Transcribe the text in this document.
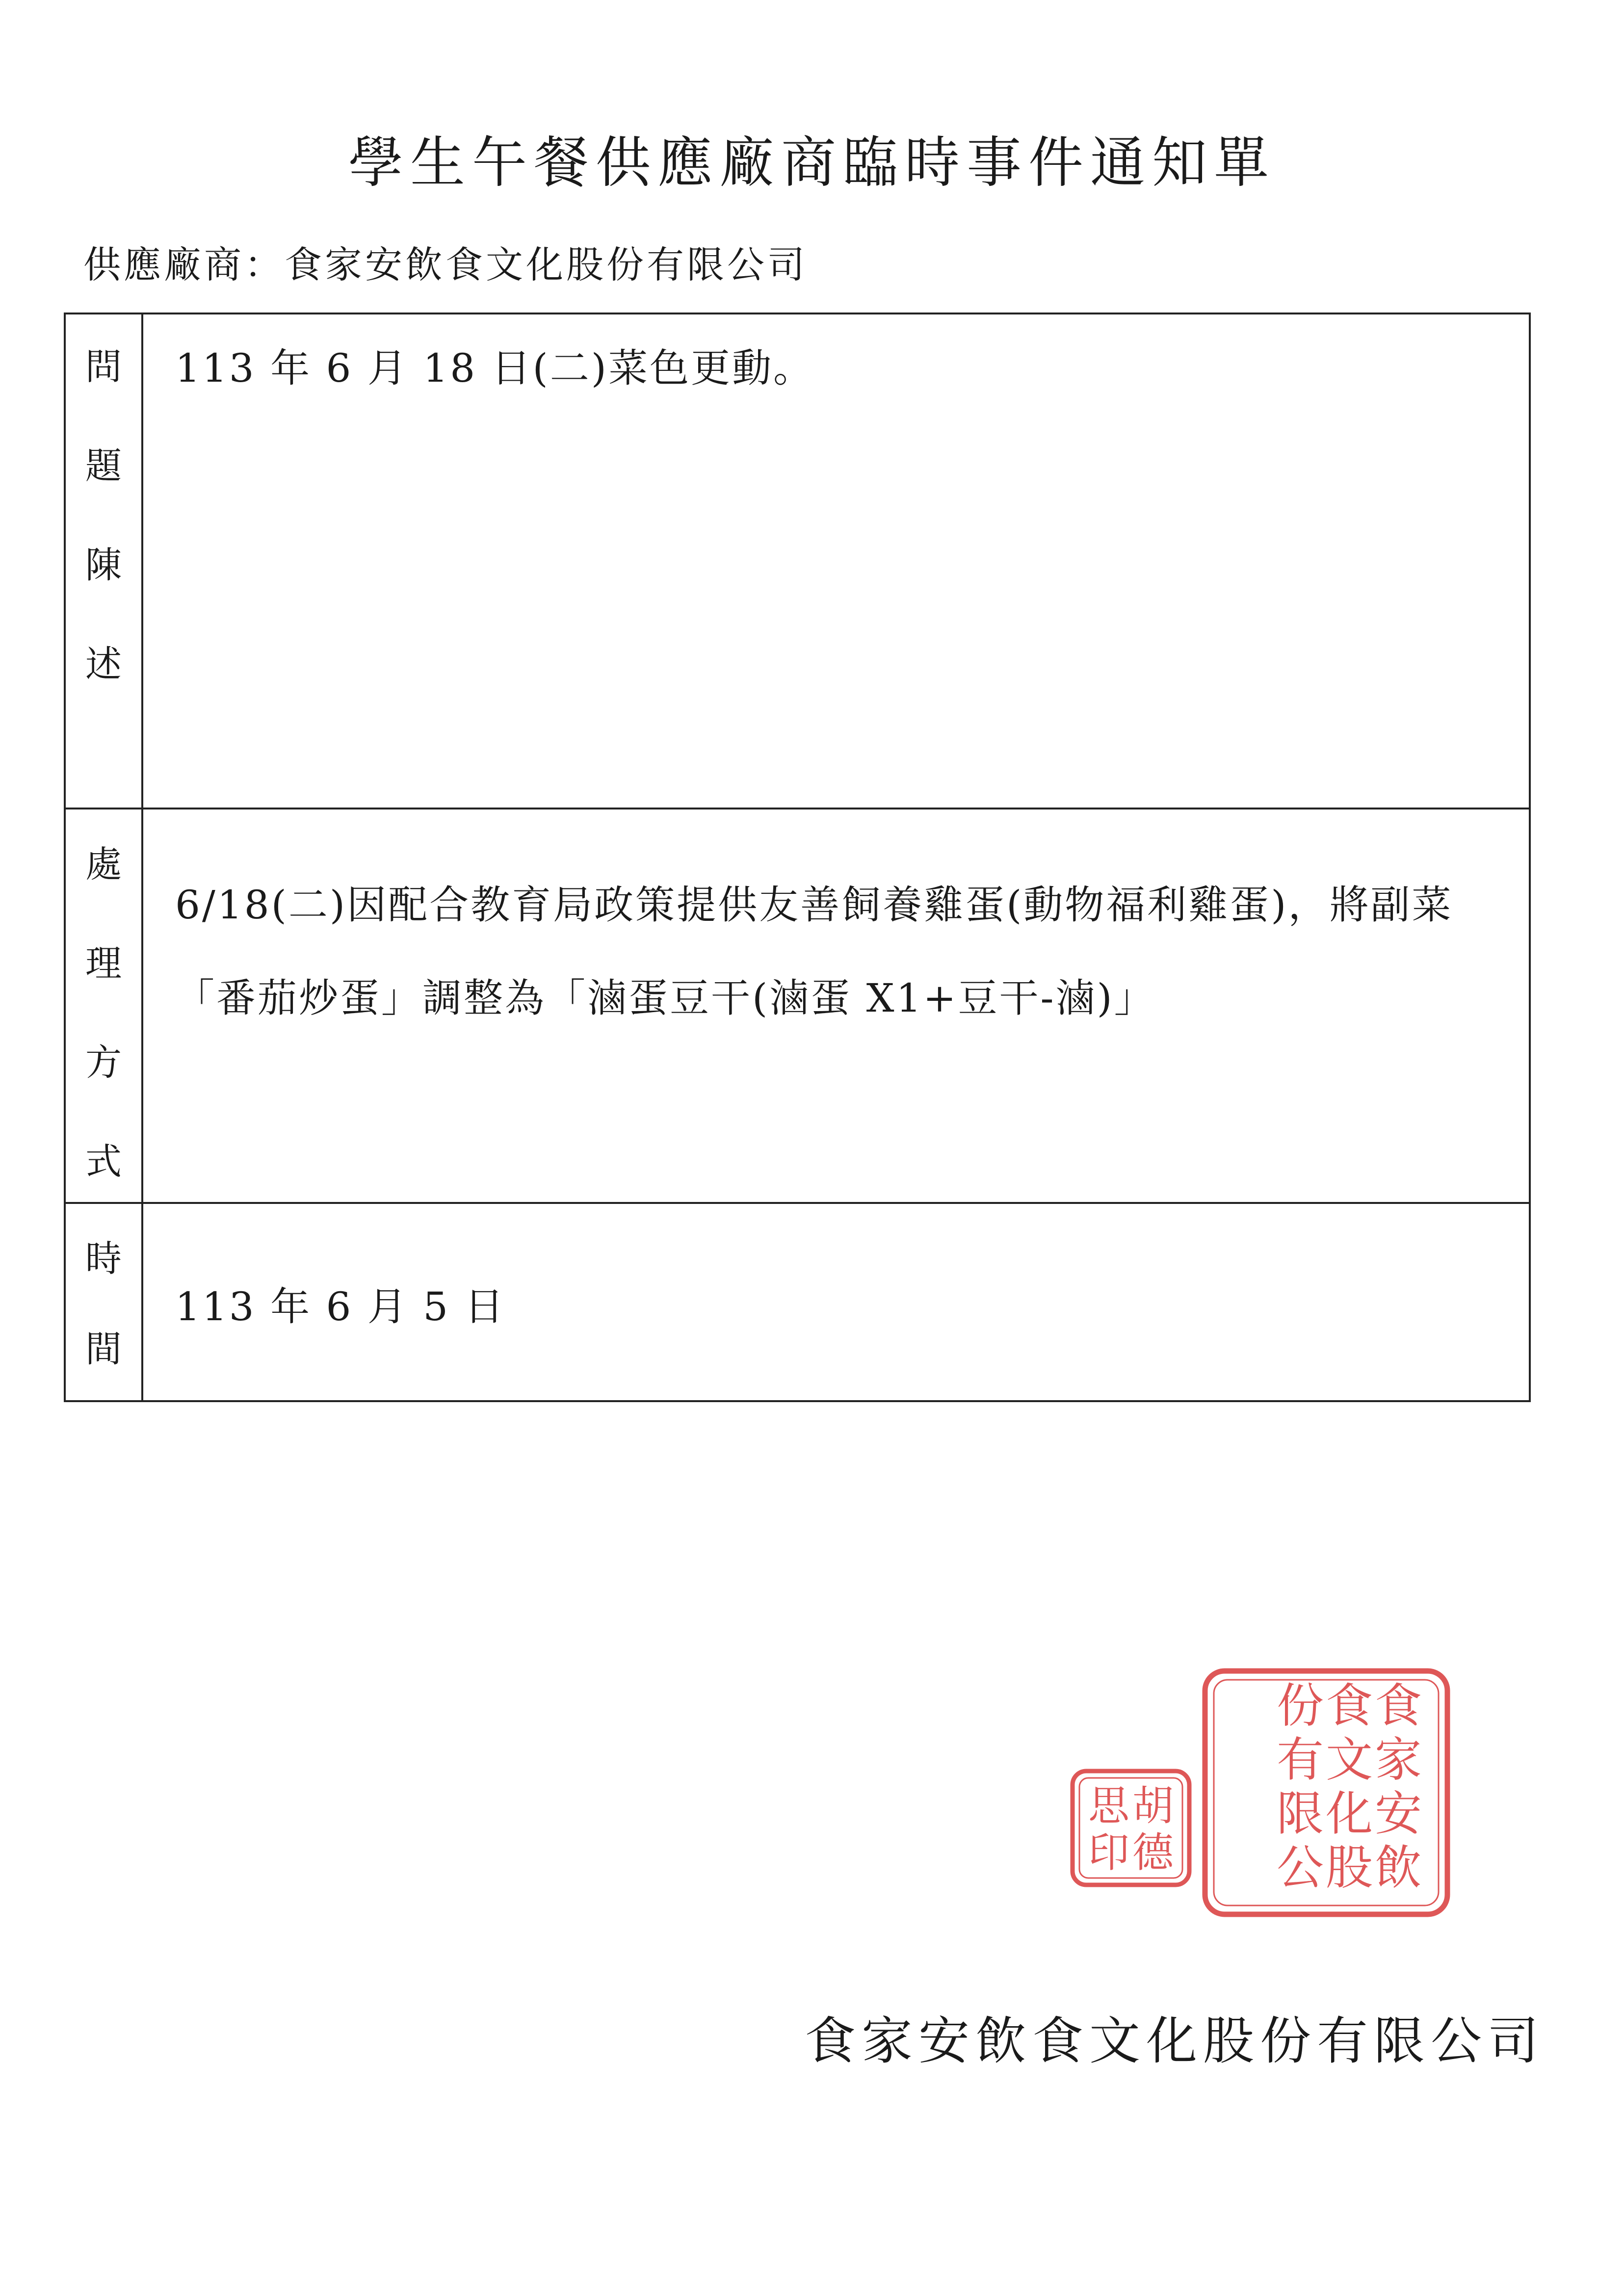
學生午餐供應廠商臨時事件通知單
供應廠商：食家安飲食文化股份有限公司
問
題
陳
述	113 年 6 月 18 日(二)菜色更動。

處
理
方
式	6/18(二)因配合教育局政策提供友善飼養雞蛋(動物福利雞蛋)，將副菜
「番茄炒蛋」調整為「滷蛋豆干(滷蛋 X1+豆干-滷)」

時
間	113 年 6 月 5 日
胡
思
德
印
食
家
安
飲
食
文
化
股
份
有
限
公
食家安飲食文化股份有限公司
